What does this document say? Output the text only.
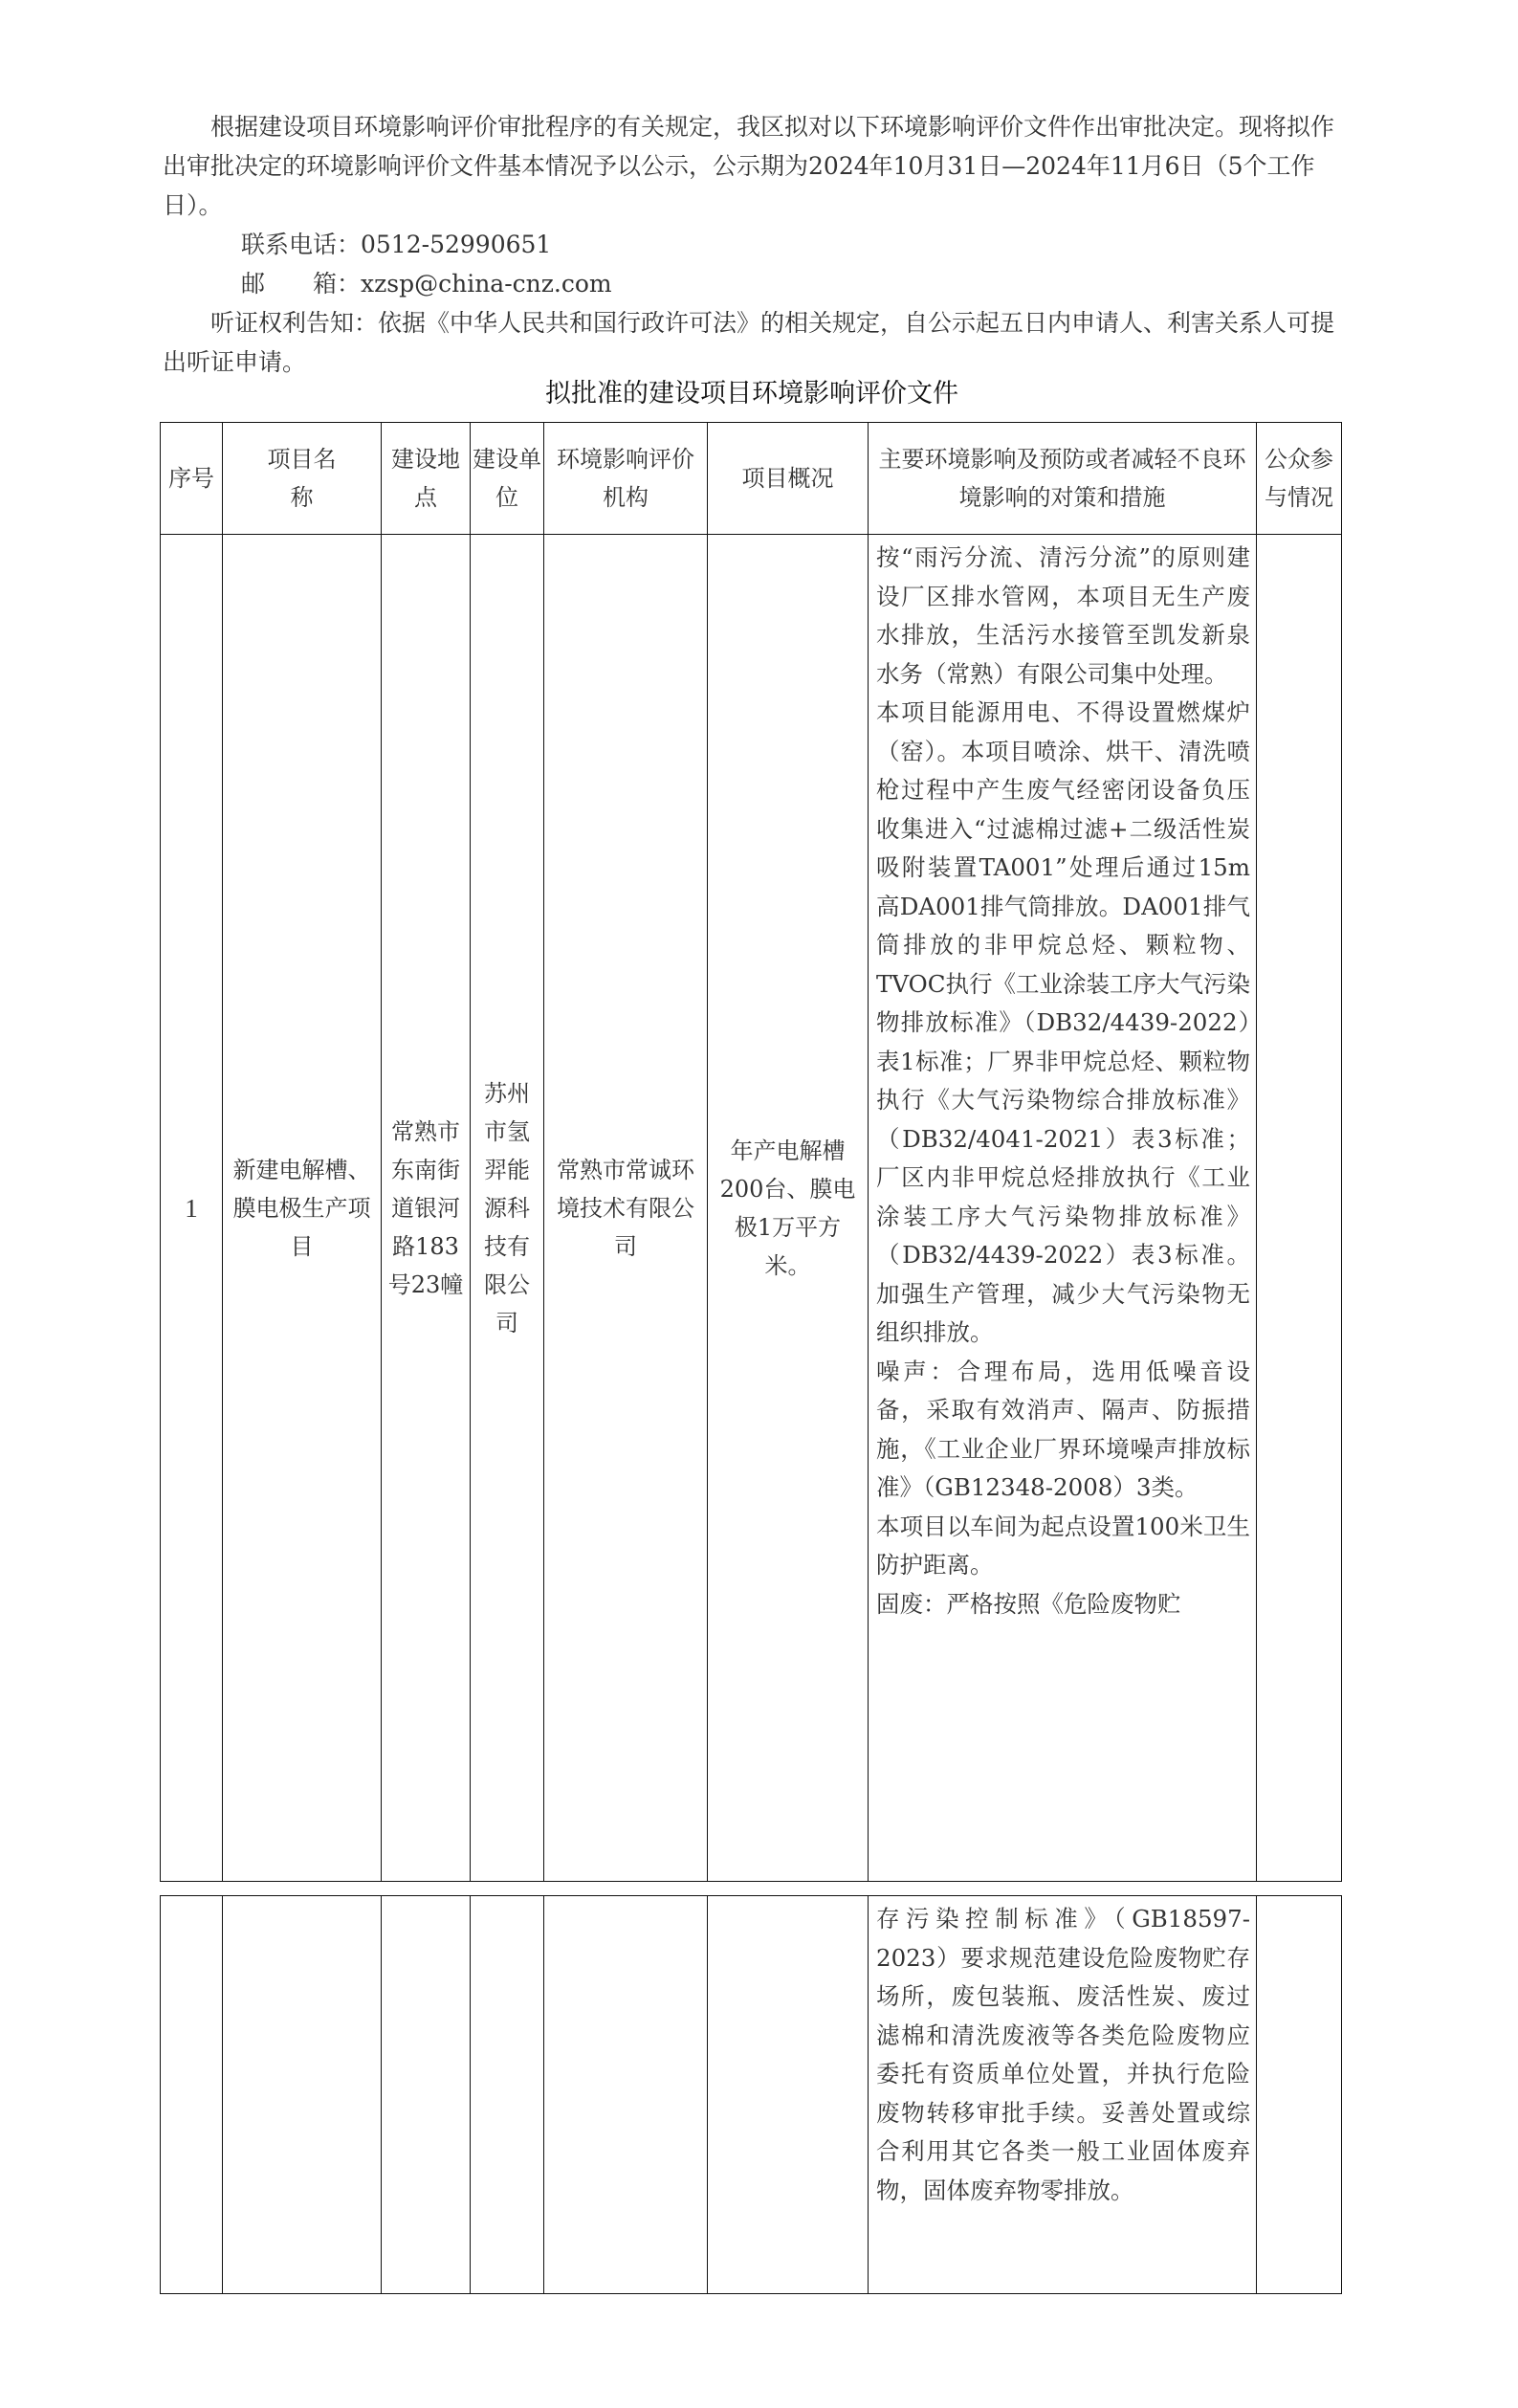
根据建设项目环境影响评价审批程序的有关规定，我区拟对以下环境影响评价文件作出审批决定。现将拟作出审批决定的环境影响评价文件基本情况予以公示，公示期为2024年10月31日—2024年11月6日（5个工作日）。

联系电话：0512-52990651

邮　　箱：xzsp@china-cnz.com

听证权利告知：依据《中华人民共和国行政许可法》的相关规定，自公示起五日内申请人、利害关系人可提出听证申请。

拟批准的建设项目环境影响评价文件
序号	项目名称	建设地点	建设单位	环境影响评价机构	项目概况	主要环境影响及预防或者减轻不良环境影响的对策和措施	公众参与情况
1	新建电解槽、膜电极生产项目	常熟市东南街道银河路183号23幢	苏州市氢羿能源科技有限公司	常熟市常诚环境技术有限公司	年产电解槽200台、膜电极1万平方米。	按“雨污分流、清污分流”的原则建设厂区排水管网，本项目无生产废水排放，生活污水接管至凯发新泉水务（常熟）有限公司集中处理。
本项目能源用电、不得设置燃煤炉（窑）。本项目喷涂、烘干、清洗喷枪过程中产生废气经密闭设备负压收集进入“过滤棉过滤+二级活性炭吸附装置TA001”处理后通过15m高DA001排气筒排放。DA001排气筒排放的非甲烷总烃、颗粒物、TVOC执行《工业涂装工序大气污染物排放标准》（DB32/4439-2022）表1标准；厂界非甲烷总烃、颗粒物执行《大气污染物综合排放标准》（DB32/4041-2021）表3标准；厂区内非甲烷总烃排放执行《工业涂装工序大气污染物排放标准》（DB32/4439-2022）表3标准。加强生产管理，减少大气污染物无组织排放。
噪声：合理布局，选用低噪音设备，采取有效消声、隔声、防振措施，《工业企业厂界环境噪声排放标准》（GB12348-2008）3类。
本项目以车间为起点设置100米卫生防护距离。
固废：严格按照《危险废物贮	

存污染控制标准》（GB18597-2023）要求规范建设危险废物贮存场所，废包装瓶、废活性炭、废过滤棉和清洗废液等各类危险废物应委托有资质单位处置，并执行危险废物转移审批手续。妥善处置或综合利用其它各类一般工业固体废弃物，固体废弃物零排放。
